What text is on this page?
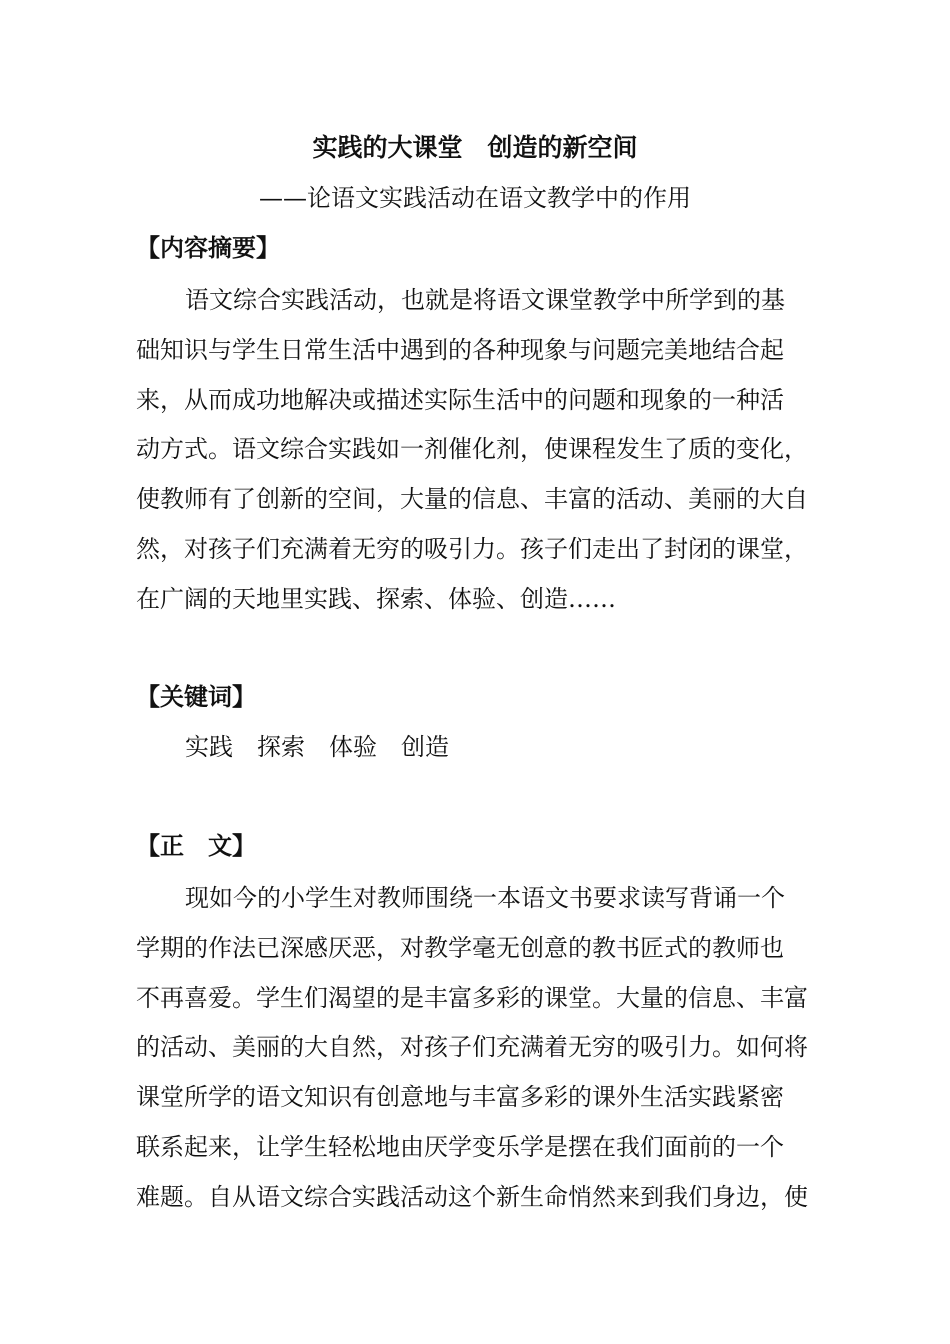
实践的大课堂　创造的新空间
——论语文实践活动在语文教学中的作用
【内容摘要】
语文综合实践活动，也就是将语文课堂教学中所学到的基
础知识与学生日常生活中遇到的各种现象与问题完美地结合起
来，从而成功地解决或描述实际生活中的问题和现象的一种活
动方式。语文综合实践如一剂催化剂，使课程发生了质的变化，
使教师有了创新的空间，大量的信息、丰富的活动、美丽的大自
然，对孩子们充满着无穷的吸引力。孩子们走出了封闭的课堂，
在广阔的天地里实践、探索、体验、创造……
【关键词】
实践 探索 体验 创造
【正　文】
现如今的小学生对教师围绕一本语文书要求读写背诵一个
学期的作法已深感厌恶，对教学毫无创意的教书匠式的教师也
不再喜爱。学生们渴望的是丰富多彩的课堂。大量的信息、丰富
的活动、美丽的大自然，对孩子们充满着无穷的吸引力。如何将
课堂所学的语文知识有创意地与丰富多彩的课外生活实践紧密
联系起来，让学生轻松地由厌学变乐学是摆在我们面前的一个
难题。自从语文综合实践活动这个新生命悄然来到我们身边，使
